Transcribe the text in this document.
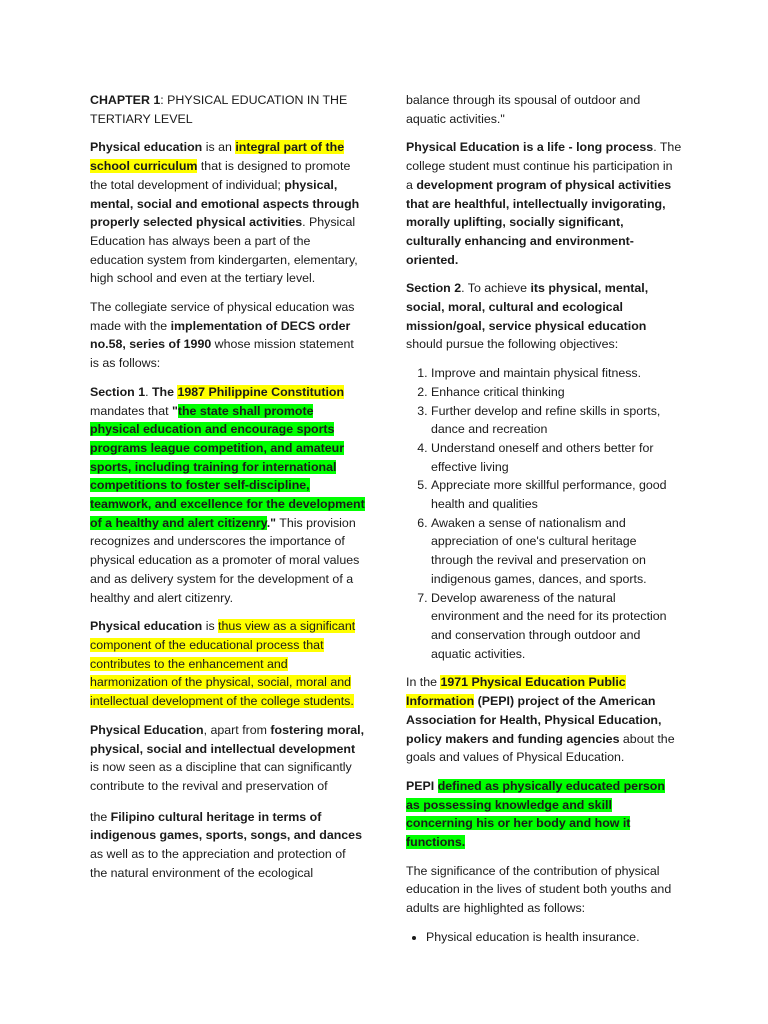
CHAPTER 1: PHYSICAL EDUCATION IN THE TERTIARY LEVEL

Physical education is an integral part of the school curriculum that is designed to promote the total development of individual; physical, mental, social and emotional aspects through properly selected physical activities. Physical Education has always been a part of the education system from kindergarten, elementary, high school and even at the tertiary level.

The collegiate service of physical education was made with the implementation of DECS order no.58, series of 1990 whose mission statement is as follows:

Section 1. The 1987 Philippine Constitution mandates that "the state shall promote physical education and encourage sports programs league competition, and amateur sports, including training for international competitions to foster self-discipline, teamwork, and excellence for the development of a healthy and alert citizenry." This provision recognizes and underscores the importance of physical education as a promoter of moral values and as delivery system for the development of a healthy and alert citizenry.

Physical education is thus view as a significant component of the educational process that contributes to the enhancement and harmonization of the physical, social, moral and intellectual development of the college students.

Physical Education, apart from fostering moral, physical, social and intellectual development is now seen as a discipline that can significantly contribute to the revival and preservation of

the Filipino cultural heritage in terms of indigenous games, sports, songs, and dances as well as to the appreciation and protection of the natural environment of the ecological

balance through its spousal of outdoor and aquatic activities."

Physical Education is a life - long process. The college student must continue his participation in a development program of physical activities that are healthful, intellectually invigorating, morally uplifting, socially significant, culturally enhancing and environment- oriented.

Section 2. To achieve its physical, mental, social, moral, cultural and ecological mission/goal, service physical education should pursue the following objectives:

1. Improve and maintain physical fitness.
2. Enhance critical thinking
3. Further develop and refine skills in sports, dance and recreation
4. Understand oneself and others better for effective living
5. Appreciate more skillful performance, good health and qualities
6. Awaken a sense of nationalism and appreciation of one's cultural heritage through the revival and preservation on indigenous games, dances, and sports.
7. Develop awareness of the natural environment and the need for its protection and conservation through outdoor and aquatic activities.

In the 1971 Physical Education Public Information (PEPI) project of the American Association for Health, Physical Education, policy makers and funding agencies about the goals and values of Physical Education.

PEPI defined as physically educated person as possessing knowledge and skill concerning his or her body and how it functions.

The significance of the contribution of physical education in the lives of student both youths and adults are highlighted as follows:

• Physical education is health insurance.
